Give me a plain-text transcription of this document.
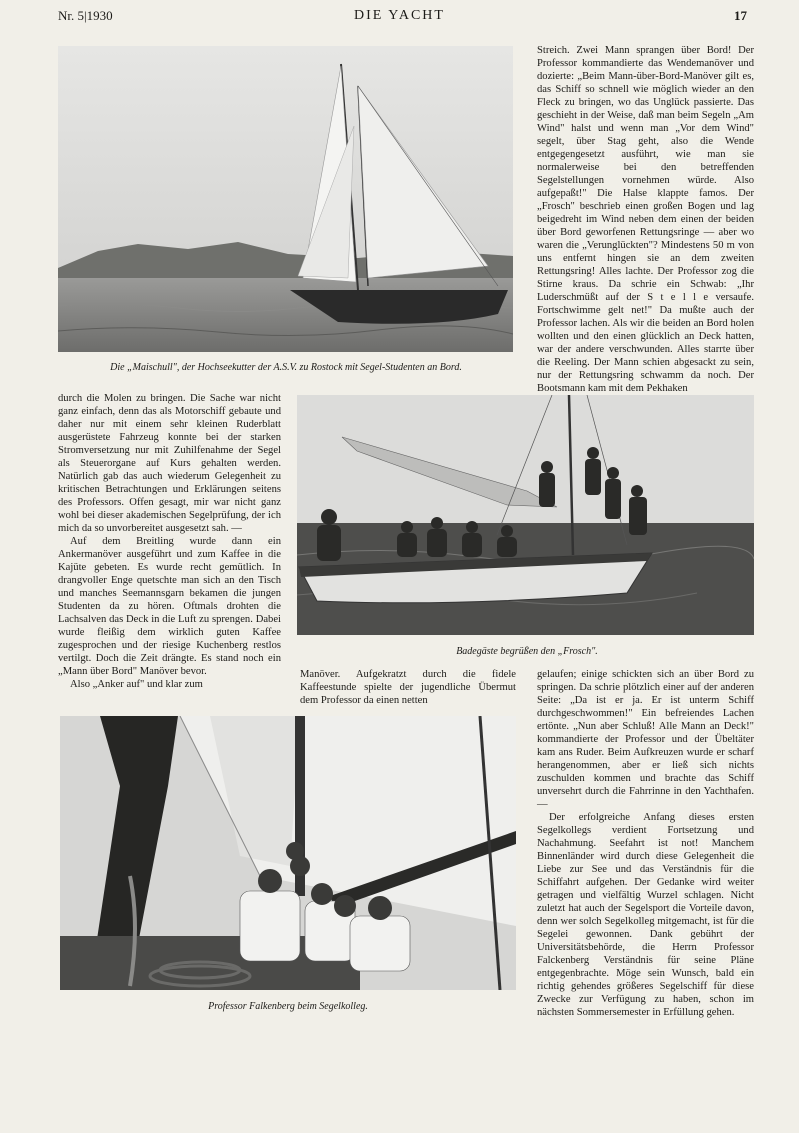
Nr. 5|1930	DIE YACHT	17
Die „Maischull", der Hochseekutter der A.S.V. zu Rostock mit Segel-Studenten an Bord.

Streich. Zwei Mann sprangen über Bord! Der Professor kommandierte das Wendemanöver und dozierte: „Beim Mann-über-Bord-Manöver gilt es, das Schiff so schnell wie möglich wieder an den Fleck zu bringen, wo das Unglück passierte. Das geschieht in der Weise, daß man beim Segeln „Am Wind" halst und wenn man „Vor dem Wind" segelt, über Stag geht, also die Wende entgegengesetzt ausführt, wie man sie normalerweise bei den betreffenden Segelstellungen vornehmen würde. Also aufgepaßt!" Die Halse klappte famos. Der „Frosch" beschrieb einen großen Bogen und lag beigedreht im Wind neben dem einen der beiden über Bord geworfenen Rettungsringe — aber wo waren die „Verunglückten"? Mindestens 50 m von uns entfernt hingen sie an dem zweiten Rettungsring! Alles lachte. Der Professor zog die Stirne kraus. Da schrie ein Schwab: „Ihr Luderschmüßt auf der S t e l l e versaufe. Fortschwimme gelt net!" Da mußte auch der Professor lachen. Als wir die beiden an Bord holen wollten und den einen glücklich an Deck hatten, war der andere verschwunden. Alles starrte über die Reeling. Der Mann schien abgesackt zu sein, nur der Rettungsring schwamm da noch. Der Bootsmann kam mit dem Pekhaken

durch die Molen zu bringen. Die Sache war nicht ganz einfach, denn das als Motorschiff gebaute und daher nur mit einem sehr kleinen Ruderblatt ausgerüstete Fahrzeug konnte bei der starken Stromversetzung nur mit Zuhilfenahme der Segel als Steuerorgane auf Kurs gehalten werden. Natürlich gab das auch wiederum Gelegenheit zu kritischen Betrachtungen und Erklärungen seitens des Professors. Offen gesagt, mir war nicht ganz wohl bei dieser akademischen Segelprüfung, der ich mich da so unvorbereitet ausgesetzt sah. —

Auf dem Breitling wurde dann ein Ankermanöver ausgeführt und zum Kaffee in die Kajüte gebeten. Es wurde recht gemütlich. In drangvoller Enge quetschte man sich an den Tisch und manches Seemannsgarn bekamen die jungen Studenten da zu hören. Oftmals drohten die Lachsalven das Deck in die Luft zu sprengen. Dabei wurde fleißig dem wirklich guten Kaffee zugesprochen und der riesige Kuchenberg restlos vertilgt. Doch die Zeit drängte. Es stand noch ein „Mann über Bord" Manöver bevor.

Also „Anker auf" und klar zum

Badegäste begrüßen den „Frosch".

Manöver. Aufgekratzt durch die fidele Kaffeestunde spielte der jugendliche Übermut dem Professor da einen netten

gelaufen; einige schickten sich an über Bord zu springen. Da schrie plötzlich einer auf der anderen Seite: „Da ist er ja. Er ist unterm Schiff durchgeschwommen!" Ein befreiendes Lachen ertönte. „Nun aber Schluß! Alle Mann an Deck!" kommandierte der Professor und der Übeltäter kam ans Ruder. Beim Aufkreuzen wurde er scharf herangenommen, aber er ließ sich nichts zuschulden kommen und brachte das Schiff unversehrt durch die Fahrrinne in den Yachthafen. —

Der erfolgreiche Anfang dieses ersten Segelkollegs verdient Fortsetzung und Nachahmung. Seefahrt ist not! Manchem Binnenländer wird durch diese Gelegenheit die Liebe zur See und das Verständnis für die Schiffahrt aufgehen. Der Gedanke wird weiter getragen und vielfältig Wurzel schlagen. Nicht zuletzt hat auch der Segelsport die Vorteile davon, denn wer solch Segelkolleg mitgemacht, ist für die Segelei gewonnen. Dank gebührt der Universitätsbehörde, die Herrn Professor Falckenberg Verständnis für seine Pläne entgegenbrachte. Möge sein Wunsch, bald ein richtig gehendes größeres Segelschiff für diese Zwecke zur Verfügung zu haben, schon im nächsten Sommersemester in Erfüllung gehen.

Professor Falkenberg beim Segelkolleg.
